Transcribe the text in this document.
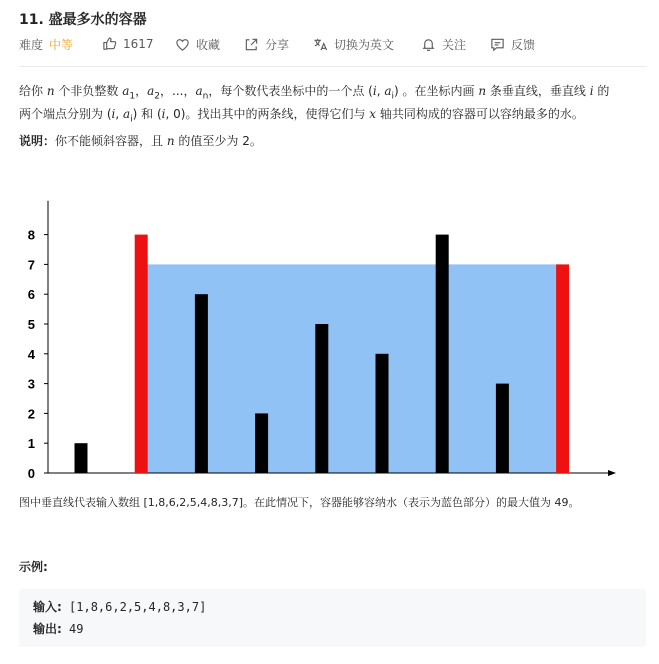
11. 盛最多水的容器
难度 中等	1617	收藏	分享	切换为英文	关注	反馈
给你 n 个非负整数 $a_1$，$a_2$，...，$a_n$，每个数代表坐标中的一个点 (i, $a_i$) 。在坐标内画 n 条垂直线，垂直线 i 的
两个端点分别为 (i, $a_i$) 和 (i, 0)。找出其中的两条线，使得它们与 x 轴共同构成的容器可以容纳最多的水。
说明：你不能倾斜容器，且 n 的值至少为 2。
0
1
2
3
4
5
6
7
8
图中垂直线代表输入数组 [1,8,6,2,5,4,8,3,7]。在此情况下，容器能够容纳水（表示为蓝色部分）的最大值为 49。
示例:
输入: [1,8,6,2,5,4,8,3,7]
输出: 49
